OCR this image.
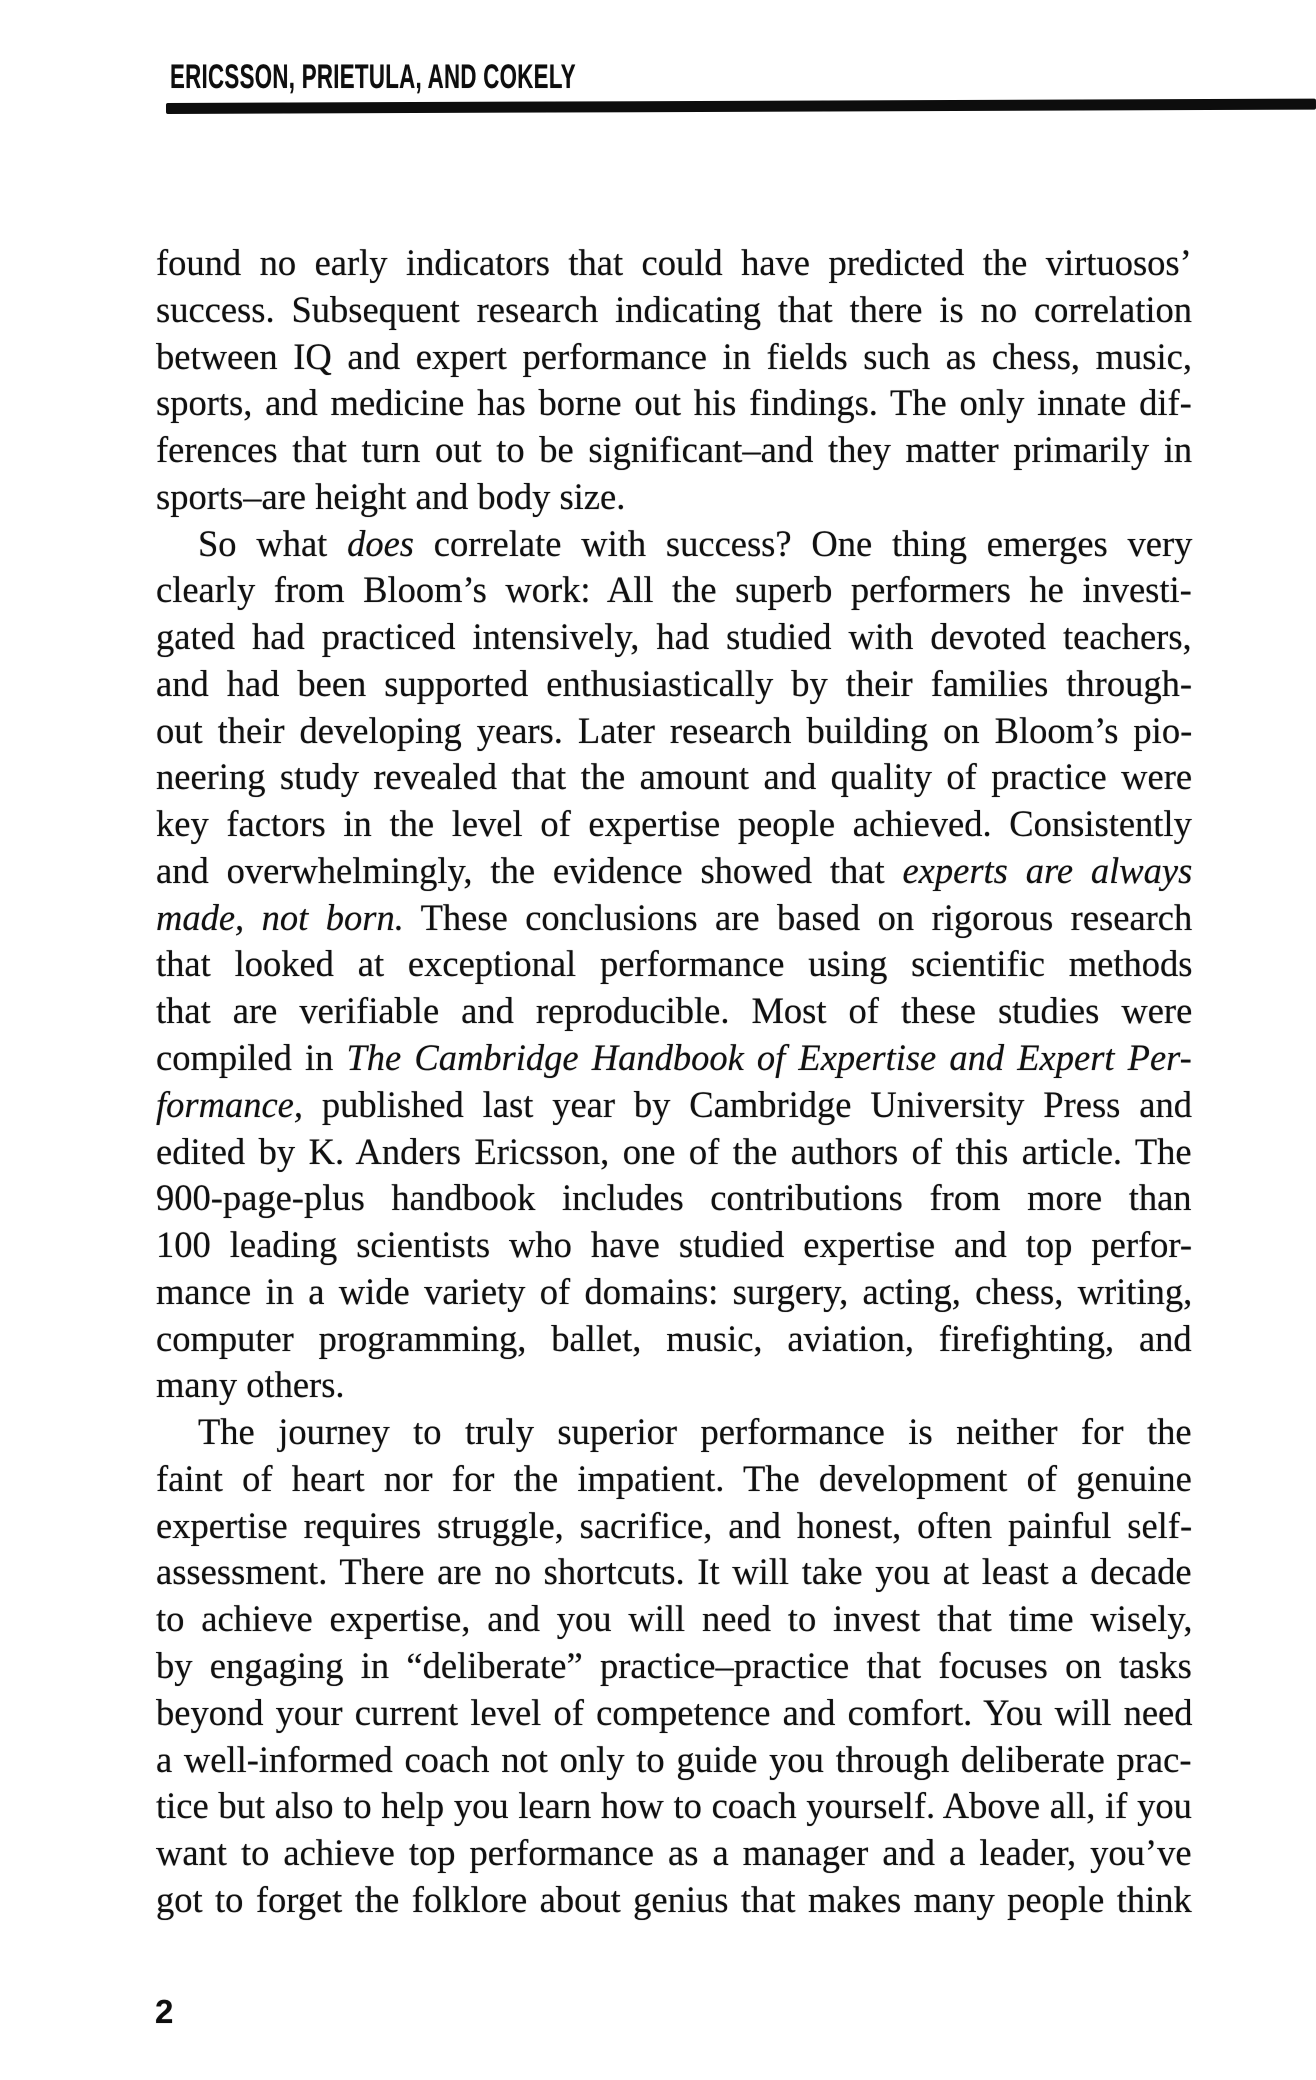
ERICSSON, PRIETULA, AND COKELY
found no early indicators that could have predicted the virtuosos’
success. Subsequent research indicating that there is no correlation
between IQ and expert performance in fields such as chess, music,
sports, and medicine has borne out his findings. The only innate dif-
ferences that turn out to be significant–and they matter primarily in
sports–are height and body size.
So what does correlate with success? One thing emerges very
clearly from Bloom’s work: All the superb performers he investi-
gated had practiced intensively, had studied with devoted teachers,
and had been supported enthusiastically by their families through-
out their developing years. Later research building on Bloom’s pio-
neering study revealed that the amount and quality of practice were
key factors in the level of expertise people achieved. Consistently
and overwhelmingly, the evidence showed that experts are always
made, not born. These conclusions are based on rigorous research
that looked at exceptional performance using scientific methods
that are verifiable and reproducible. Most of these studies were
compiled in The Cambridge Handbook of Expertise and Expert Per-
formance, published last year by Cambridge University Press and
edited by K. Anders Ericsson, one of the authors of this article. The
900-page-plus handbook includes contributions from more than
100 leading scientists who have studied expertise and top perfor-
mance in a wide variety of domains: surgery, acting, chess, writing,
computer programming, ballet, music, aviation, firefighting, and
many others.
The journey to truly superior performance is neither for the
faint of heart nor for the impatient. The development of genuine
expertise requires struggle, sacrifice, and honest, often painful self-
assessment. There are no shortcuts. It will take you at least a decade
to achieve expertise, and you will need to invest that time wisely,
by engaging in “deliberate” practice–practice that focuses on tasks
beyond your current level of competence and comfort. You will need
a well-informed coach not only to guide you through deliberate prac-
tice but also to help you learn how to coach yourself. Above all, if you
want to achieve top performance as a manager and a leader, you’ve
got to forget the folklore about genius that makes many people think
2
